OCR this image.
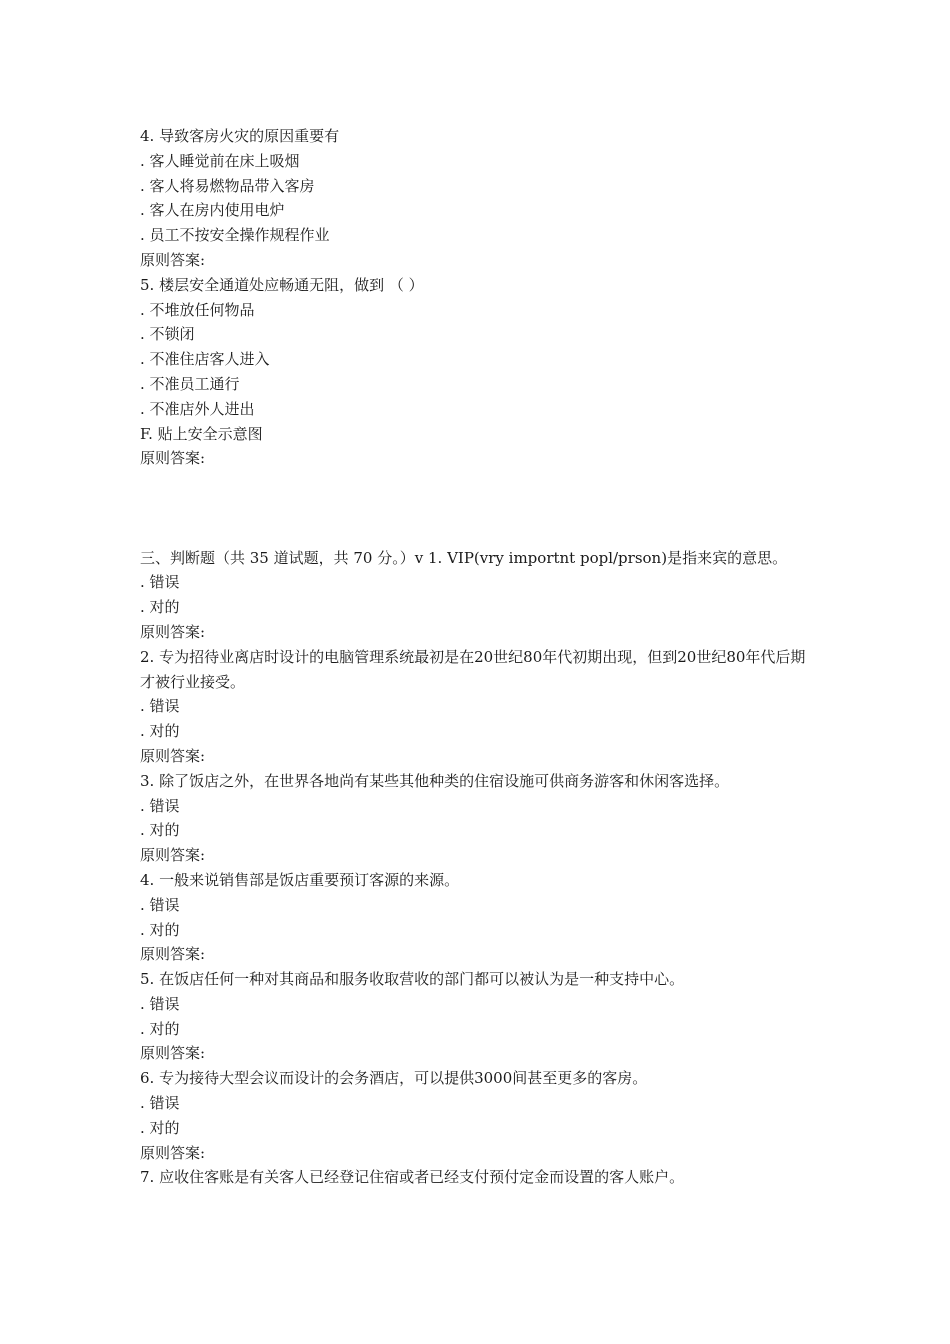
4. 导致客房火灾的原因重要有
. 客人睡觉前在床上吸烟
. 客人将易燃物品带入客房
. 客人在房内使用电炉
. 员工不按安全操作规程作业
原则答案:
5. 楼层安全通道处应畅通无阻，做到 （ ）
. 不堆放任何物品
. 不锁闭
. 不准住店客人进入
. 不准员工通行
. 不准店外人进出
F. 贴上安全示意图
原则答案:
三、判断题（共 35 道试题，共 70 分。）v 1. VIP(vry importnt popl/prson)是指来宾的意思。
. 错误
. 对的
原则答案:
2. 专为招待业离店时设计的电脑管理系统最初是在20世纪80年代初期出现，但到20世纪80年代后期才被行业接受。
. 错误
. 对的
原则答案:
3. 除了饭店之外，在世界各地尚有某些其他种类的住宿设施可供商务游客和休闲客选择。
. 错误
. 对的
原则答案:
4. 一般来说销售部是饭店重要预订客源的来源。
. 错误
. 对的
原则答案:
5. 在饭店任何一种对其商品和服务收取营收的部门都可以被认为是一种支持中心。
. 错误
. 对的
原则答案:
6. 专为接待大型会议而设计的会务酒店，可以提供3000间甚至更多的客房。
. 错误
. 对的
原则答案:
7. 应收住客账是有关客人已经登记住宿或者已经支付预付定金而设置的客人账户。
